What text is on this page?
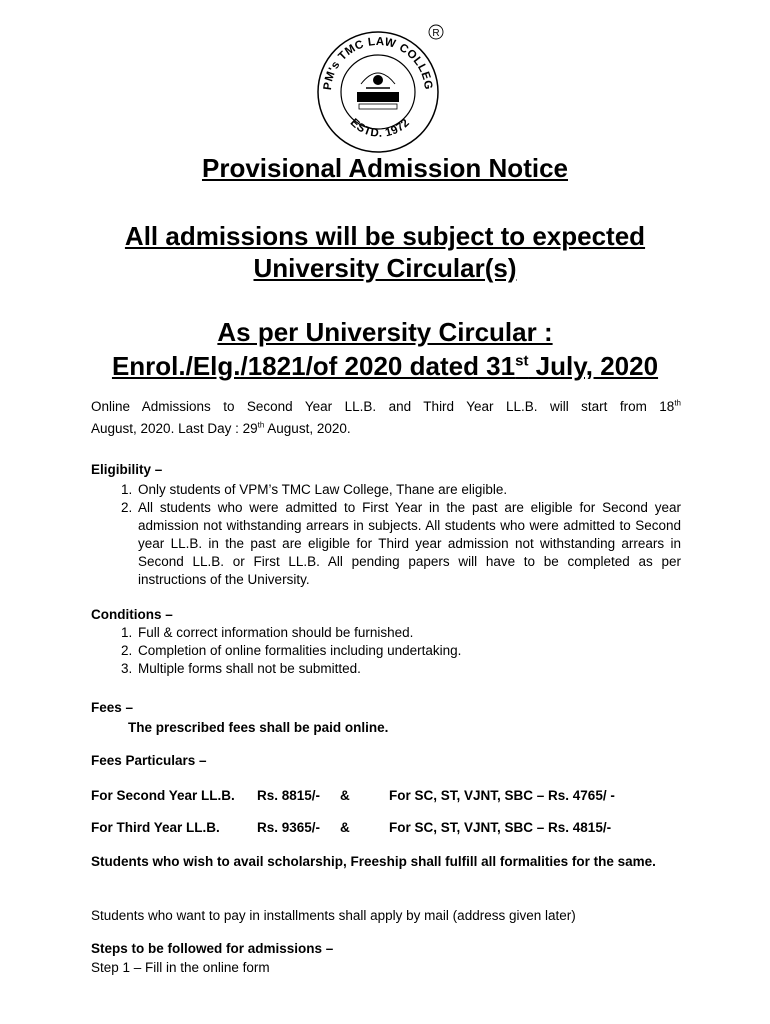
PM's TMC LAW COLLEG
ESTD. 1972
R
Provisional Admission Notice
All admissions will be subject to expected
University Circular(s)
As per University Circular :
Enrol./Elg./1821/of 2020 dated 31st July, 2020
Online Admissions to Second Year LL.B. and Third Year LL.B. will start from 18th
August, 2020. Last Day : 29th August, 2020.
Eligibility –
1. Only students of VPM’s TMC Law College, Thane are eligible.
2. All students who were admitted to First Year in the past are eligible for Second year admission not withstanding arrears in subjects. All students who were admitted to Second year LL.B. in the past are eligible for Third year admission not withstanding arrears in Second LL.B. or First LL.B. All pending papers will have to be completed as per instructions of the University.
Conditions –
1. Full & correct information should be furnished.
2. Completion of online formalities including undertaking.
3. Multiple forms shall not be submitted.
Fees –
The prescribed fees shall be paid online.
Fees Particulars –
For Second Year LL.B. Rs. 8815/- &	For SC, ST, VJNT, SBC – Rs. 4765/ -
For Third Year LL.B.	Rs. 9365/- &	For SC, ST, VJNT, SBC – Rs. 4815/-
Students who wish to avail scholarship, Freeship shall fulfill all formalities for the same.
Students who want to pay in installments shall apply by mail (address given later)
Steps to be followed for admissions –
Step 1 – Fill in the online form
